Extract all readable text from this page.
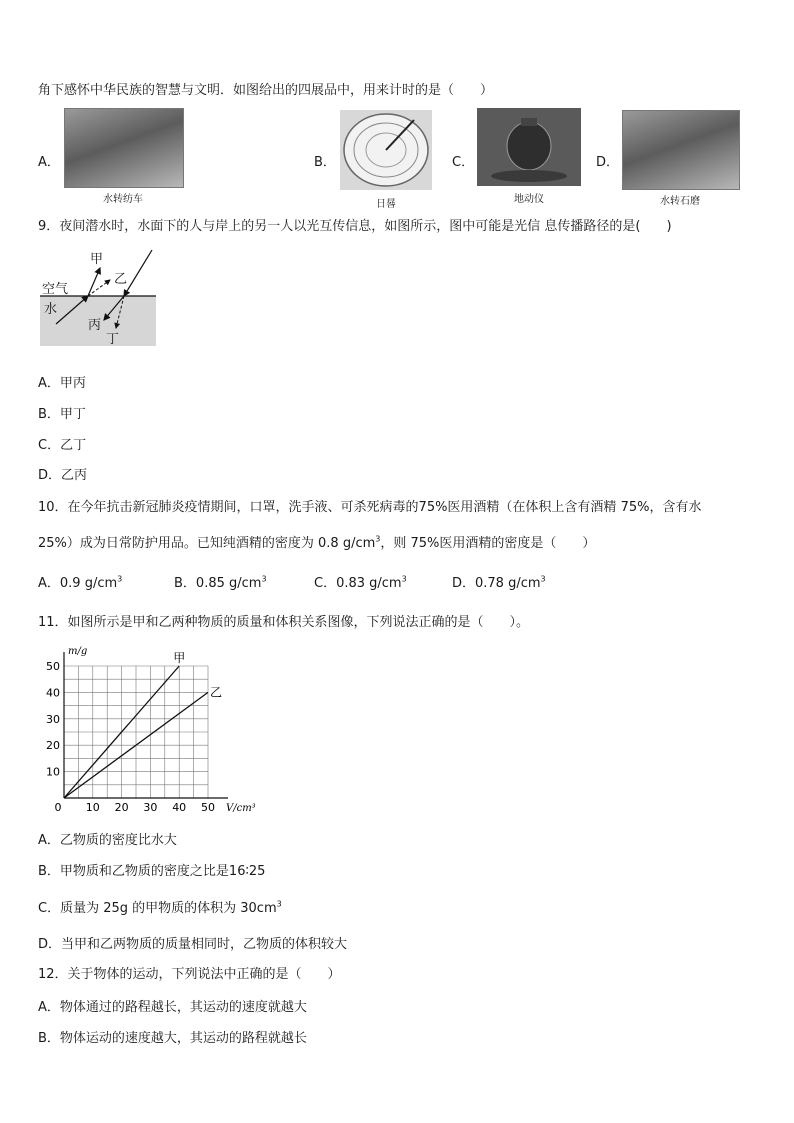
角下感怀中华民族的智慧与文明．如图给出的四展品中，用来计时的是（　　）
A．
水转纺车
B．
日晷
C．
地动仪
D．
水转石磨
9．夜间潜水时，水面下的人与岸上的另一人以光互传信息，如图所示，图中可能是光信 息传播路径的是(　　)
甲
乙
空气
水
丙
丁
A．甲丙
B．甲丁
C．乙丁
D．乙丙
10．在今年抗击新冠肺炎疫情期间，口罩，洗手液、可杀死病毒的75%医用酒精（在体积上含有酒精 75%，含有水
25%）成为日常防护用品。已知纯酒精的密度为 0.8 $g/cm^3$，则 75%医用酒精的密度是（　　）
A．0.9 $g/cm^3$	B．0.85 $g/cm^3$	C．0.83 $g/cm^3$	D．0.78 $g/cm^3$
11．如图所示是甲和乙两种物质的质量和体积关系图像，下列说法正确的是（　　）。
0 10 20 30 40 50
10
20
30
40
50
m/g
V/cm³
甲
乙
A．乙物质的密度比水大
B．甲物质和乙物质的密度之比是16∶25
C．质量为 25g 的甲物质的体积为 $30cm^3$
D．当甲和乙两物质的质量相同时，乙物质的体积较大
12．关于物体的运动，下列说法中正确的是（　　）
A．物体通过的路程越长，其运动的速度就越大
B．物体运动的速度越大，其运动的路程就越长
